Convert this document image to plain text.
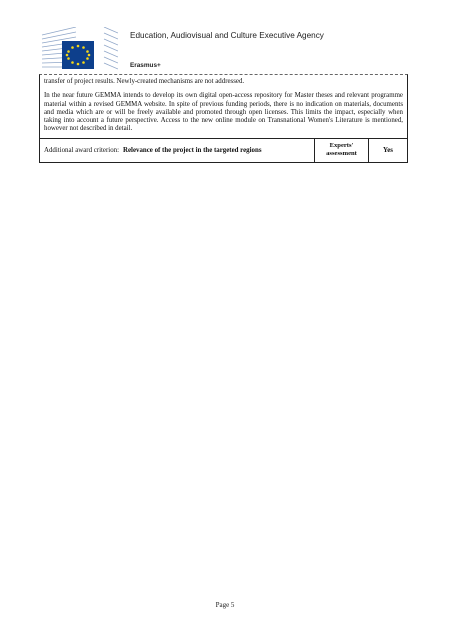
Education, Audiovisual and Culture Executive Agency
Erasmus+

transfer of project results. Newly-created mechanisms are not addressed.

In the near future GEMMA intends to develop its own digital open-access repository for Master theses and relevant programme material within a revised GEMMA website. In spite of previous funding periods, there is no indication on materials, documents and media which are or will be freely available and promoted through open licenses. This limits the impact, especially when taking into account a future perspective. Access to the new online module on Transnational Women's Literature is mentioned, however not described in detail.

Additional award criterion: Relevance of the project in the targeted regions
Experts' assessment	Yes
Page 5
